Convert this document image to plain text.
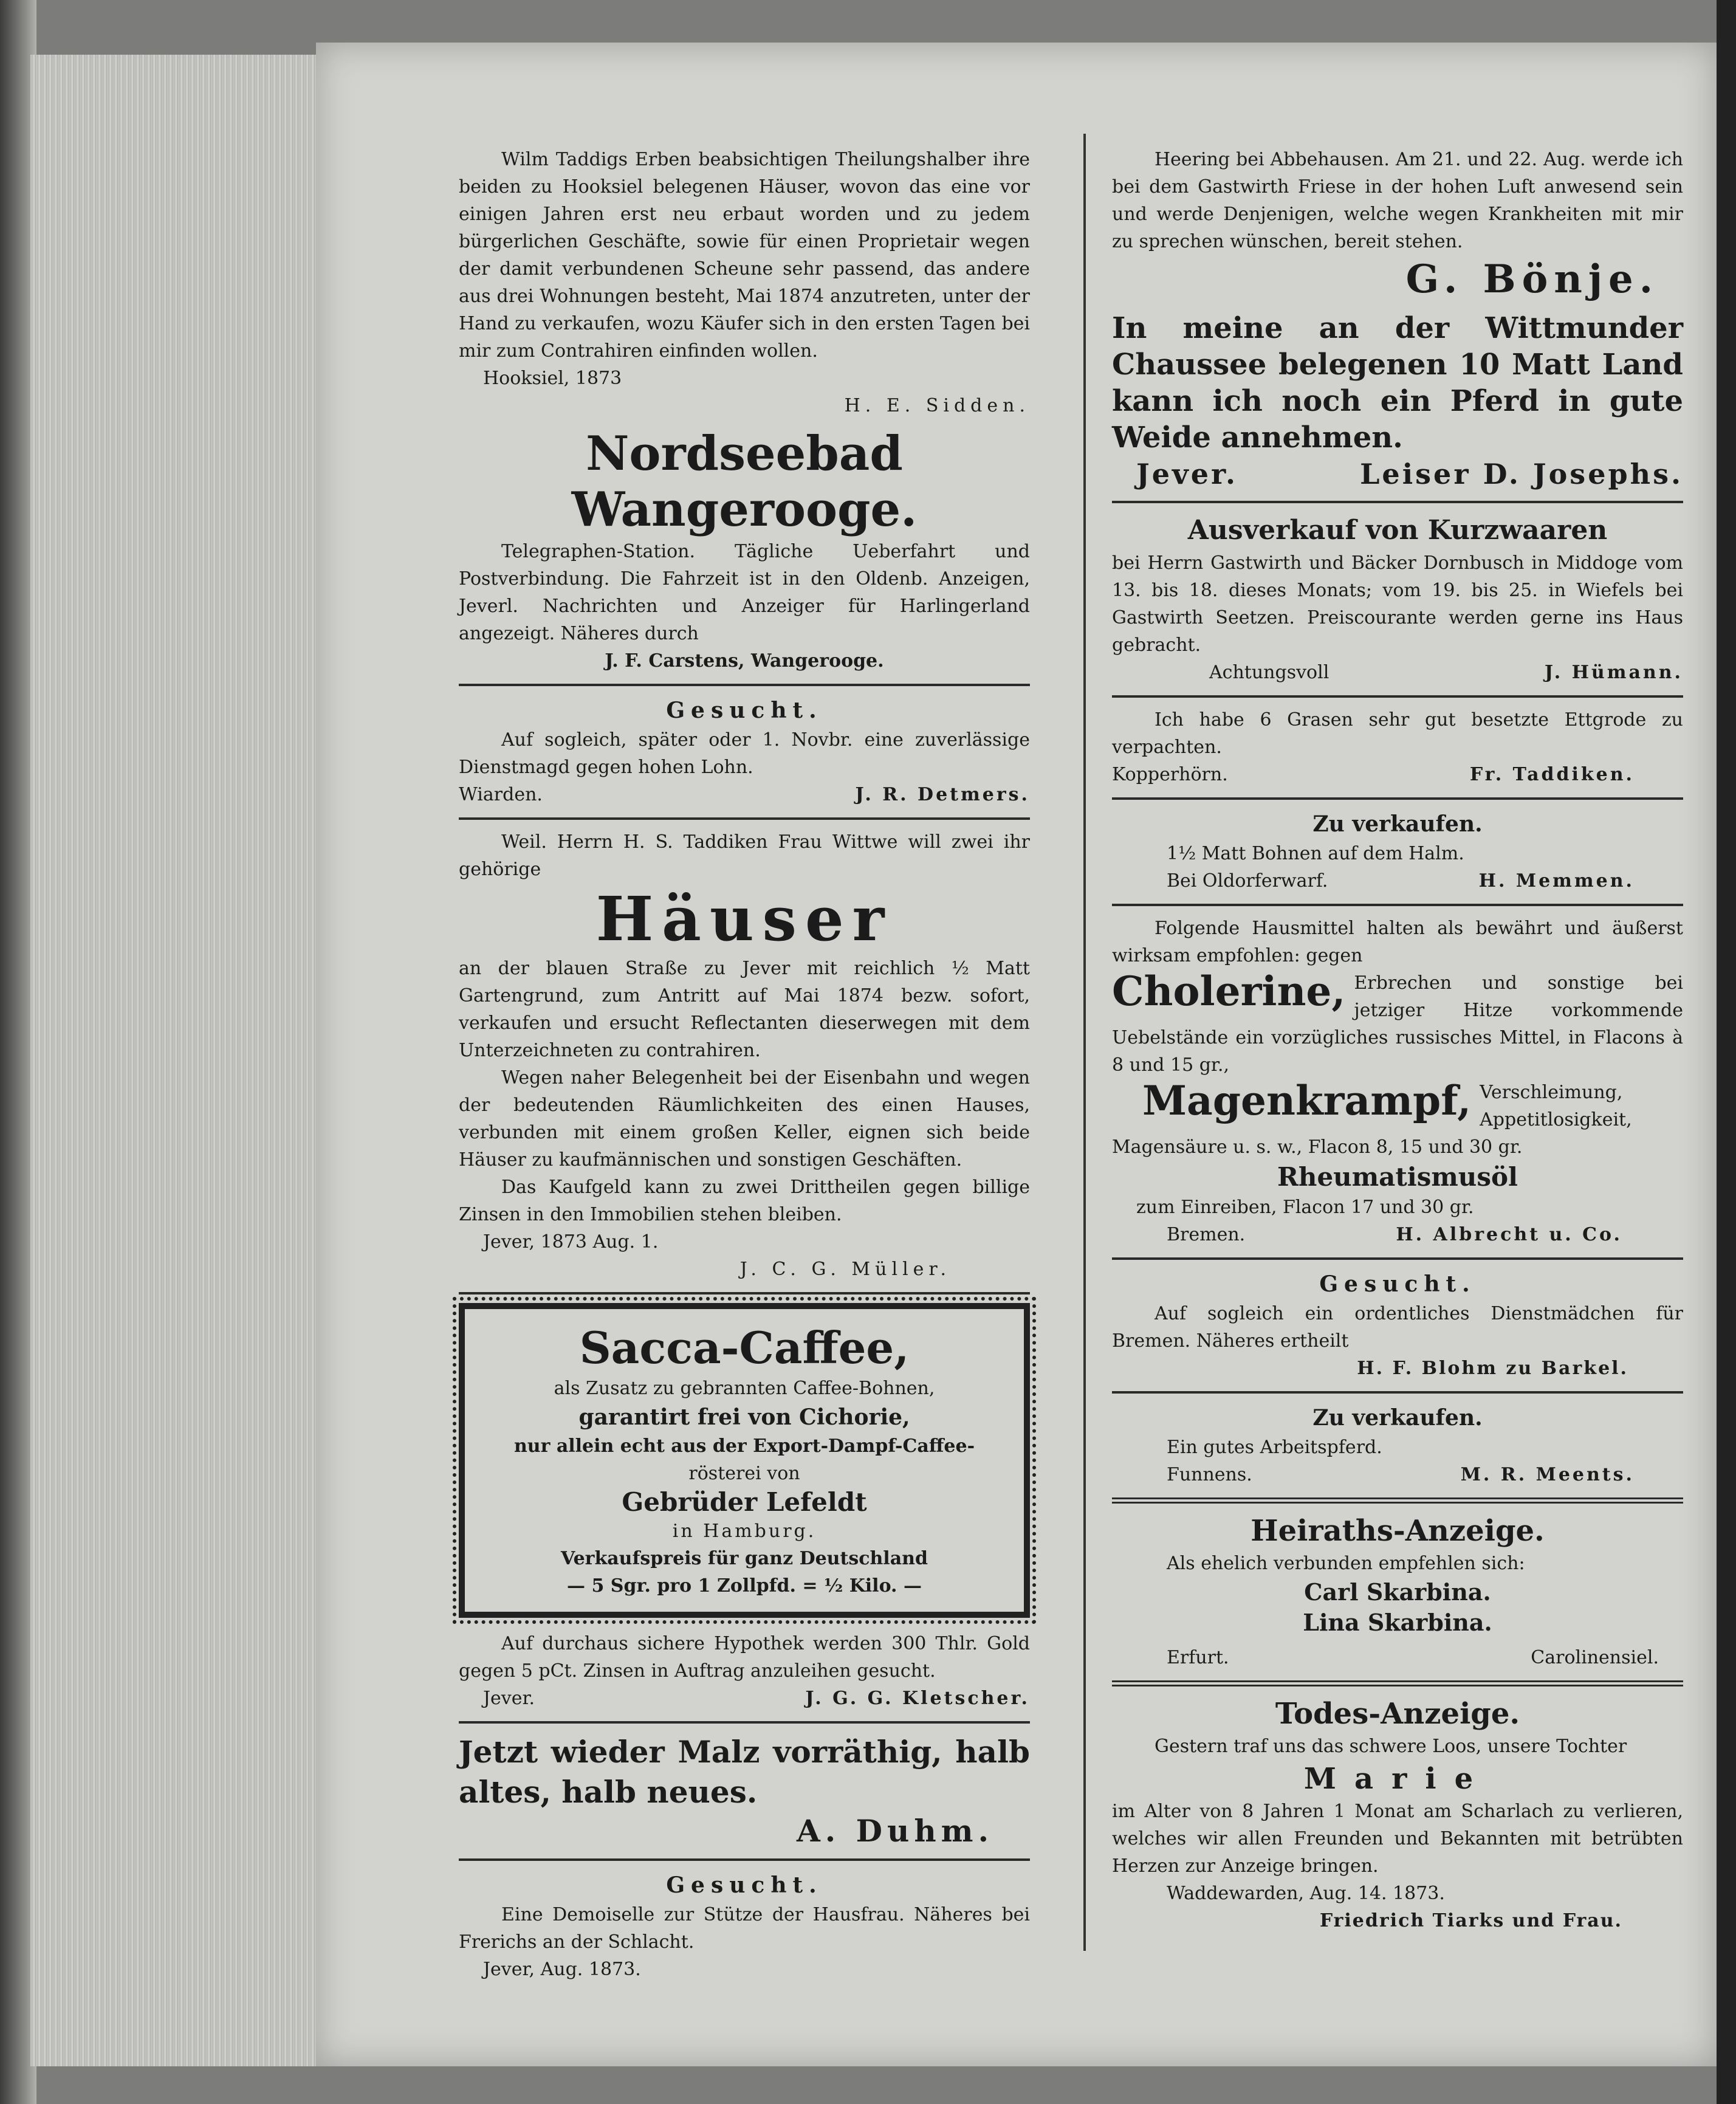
Wilm Taddigs Erben beabsichtigen Theilungshalber ihre beiden zu Hooksiel belegenen Häuser, wovon das eine vor einigen Jahren erst neu erbaut worden und zu jedem bürgerlichen Geschäfte, sowie für einen Proprietair wegen der damit verbundenen Scheune sehr passend, das andere aus drei Wohnungen besteht, Mai 1874 anzutreten, unter der Hand zu verkaufen, wozu Käufer sich in den ersten Tagen bei mir zum Contrahiren einfinden wollen.

Hooksiel, 1873

H. E. Sidden.
Nordseebad Wangerooge.

Telegraphen-Station. Tägliche Ueberfahrt und Postverbindung. Die Fahrzeit ist in den Oldenb. Anzeigen, Jeverl. Nachrichten und Anzeiger für Harlingerland angezeigt. Näheres durch

J. F. Carstens, Wangerooge.
Gesucht.

Auf sogleich, später oder 1. Novbr. eine zuverlässige Dienstmagd gegen hohen Lohn.

Wiarden.	J. R. Detmers.

Weil. Herrn H. S. Taddiken Frau Wittwe will zwei ihr gehörige

Häuser

an der blauen Straße zu Jever mit reichlich ½ Matt Gartengrund, zum Antritt auf Mai 1874 bezw. sofort, verkaufen und ersucht Reflectanten dieserwegen mit dem Unterzeichneten zu contrahiren.

Wegen naher Belegenheit bei der Eisenbahn und wegen der bedeutenden Räumlichkeiten des einen Hauses, verbunden mit einem großen Keller, eignen sich beide Häuser zu kaufmännischen und sonstigen Geschäften.

Das Kaufgeld kann zu zwei Drittheilen gegen billige Zinsen in den Immobilien stehen bleiben.

Jever, 1873 Aug. 1.

J. C. G. Müller.
Sacca-Caffee,

als Zusatz zu gebrannten Caffee-Bohnen,

garantirt frei von Cichorie,

nur allein echt aus der Export-Dampf-Caffee-

rösterei von

Gebrüder Lefeldt

in Hamburg.

Verkaufspreis für ganz Deutschland

— 5 Sgr. pro 1 Zollpfd. = ½ Kilo. —

Auf durchaus sichere Hypothek werden 300 Thlr. Gold gegen 5 pCt. Zinsen in Auftrag anzuleihen gesucht.

Jever.	J. G. G. Kletscher.
Jetzt wieder Malz vorräthig, halb altes, halb neues.
A. Duhm.
Gesucht.

Eine Demoiselle zur Stütze der Hausfrau. Näheres bei Frerichs an der Schlacht.

Jever, Aug. 1873.

Heering bei Abbehausen. Am 21. und 22. Aug. werde ich bei dem Gastwirth Friese in der hohen Luft anwesend sein und werde Denjenigen, welche wegen Krankheiten mit mir zu sprechen wünschen, bereit stehen.

G. Bönje.
In meine an der Wittmunder Chaussee belegenen 10 Matt Land kann ich noch ein Pferd in gute Weide annehmen.
Jever.	Leiser D. Josephs.
Ausverkauf von Kurzwaaren

bei Herrn Gastwirth und Bäcker Dornbusch in Middoge vom 13. bis 18. dieses Monats; vom 19. bis 25. in Wiefels bei Gastwirth Seetzen. Preiscourante werden gerne ins Haus gebracht.

Achtungsvoll	J. Hümann.

Ich habe 6 Grasen sehr gut besetzte Ettgrode zu verpachten.

Kopperhörn.	Fr. Taddiken.
Zu verkaufen.

1½ Matt Bohnen auf dem Halm.

Bei Oldorferwarf.	H. Memmen.

Folgende Hausmittel halten als bewährt und äußerst wirksam empfohlen: gegen

Cholerine, Erbrechen und sonstige bei jetziger Hitze vorkommende Uebelstände ein vorzügliches russisches Mittel, in Flacons à 8 und 15 gr.,

Magenkrampf, Verschleimung, Appetitlosigkeit, Magensäure u. s. w., Flacon 8, 15 und 30 gr.

Rheumatismusöl

zum Einreiben, Flacon 17 und 30 gr.

Bremen.	H. Albrecht u. Co.
Gesucht.

Auf sogleich ein ordentliches Dienstmädchen für Bremen. Näheres ertheilt

H. F. Blohm zu Barkel.
Zu verkaufen.

Ein gutes Arbeitspferd.

Funnens.	M. R. Meents.
Heiraths-Anzeige.

Als ehelich verbunden empfehlen sich:

Carl Skarbina.
Lina Skarbina.
Erfurt.	Carolinensiel.
Todes-Anzeige.

Gestern traf uns das schwere Loos, unsere Tochter

Marie

im Alter von 8 Jahren 1 Monat am Scharlach zu verlieren, welches wir allen Freunden und Bekannten mit betrübten Herzen zur Anzeige bringen.

Waddewarden, Aug. 14. 1873.

Friedrich Tiarks und Frau.
